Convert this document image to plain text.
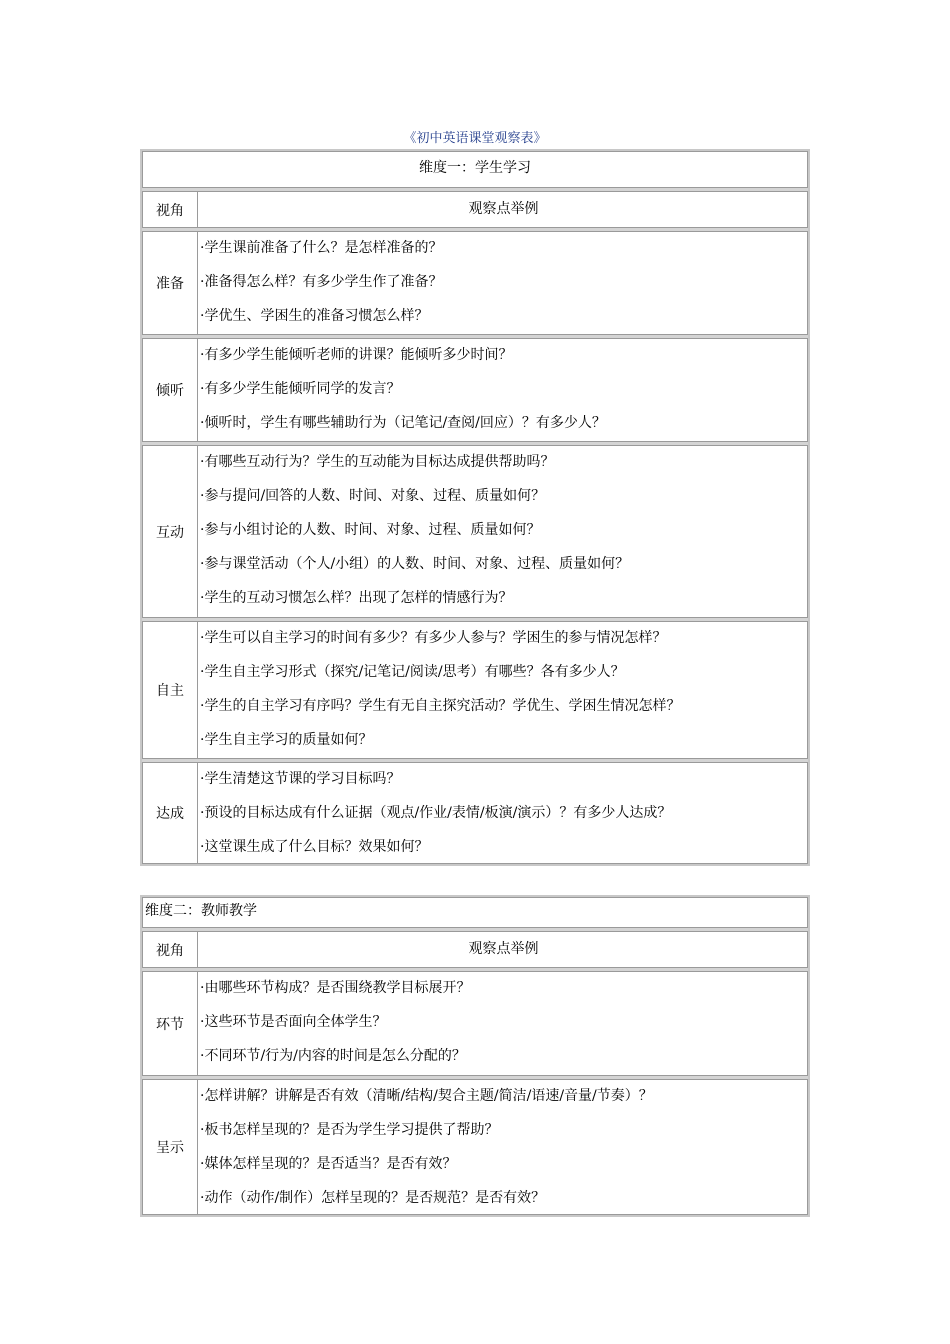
《初中英语课堂观察表》
维度一：学生学习
视角	观察点举例
准备
· 学生课前准备了什么？是怎样准备的？
· 准备得怎么样？有多少学生作了准备？
· 学优生、学困生的准备习惯怎么样？
倾听
· 有多少学生能倾听老师的讲课？能倾听多少时间？
· 有多少学生能倾听同学的发言？
· 倾听时，学生有哪些辅助行为（记笔记/查阅/回应）？有多少人？
互动
· 有哪些互动行为？学生的互动能为目标达成提供帮助吗？
· 参与提问/回答的人数、时间、对象、过程、质量如何？
· 参与小组讨论的人数、时间、对象、过程、质量如何？
· 参与课堂活动（个人/小组）的人数、时间、对象、过程、质量如何？
· 学生的互动习惯怎么样？出现了怎样的情感行为？
自主
· 学生可以自主学习的时间有多少？有多少人参与？学困生的参与情况怎样？
· 学生自主学习形式（探究/记笔记/阅读/思考）有哪些？各有多少人？
· 学生的自主学习有序吗？学生有无自主探究活动？学优生、学困生情况怎样？
· 学生自主学习的质量如何？
达成
· 学生清楚这节课的学习目标吗？
· 预设的目标达成有什么证据（观点/作业/表情/板演/演示）？有多少人达成？
· 这堂课生成了什么目标？效果如何？
维度二：教师教学
视角	观察点举例
环节
· 由哪些环节构成？是否围绕教学目标展开？
· 这些环节是否面向全体学生？
· 不同环节/行为/内容的时间是怎么分配的？
呈示
· 怎样讲解？讲解是否有效（清晰/结构/契合主题/简洁/语速/音量/节奏）？
· 板书怎样呈现的？是否为学生学习提供了帮助？
· 媒体怎样呈现的？是否适当？是否有效？
· 动作（动作/制作）怎样呈现的？是否规范？是否有效？
